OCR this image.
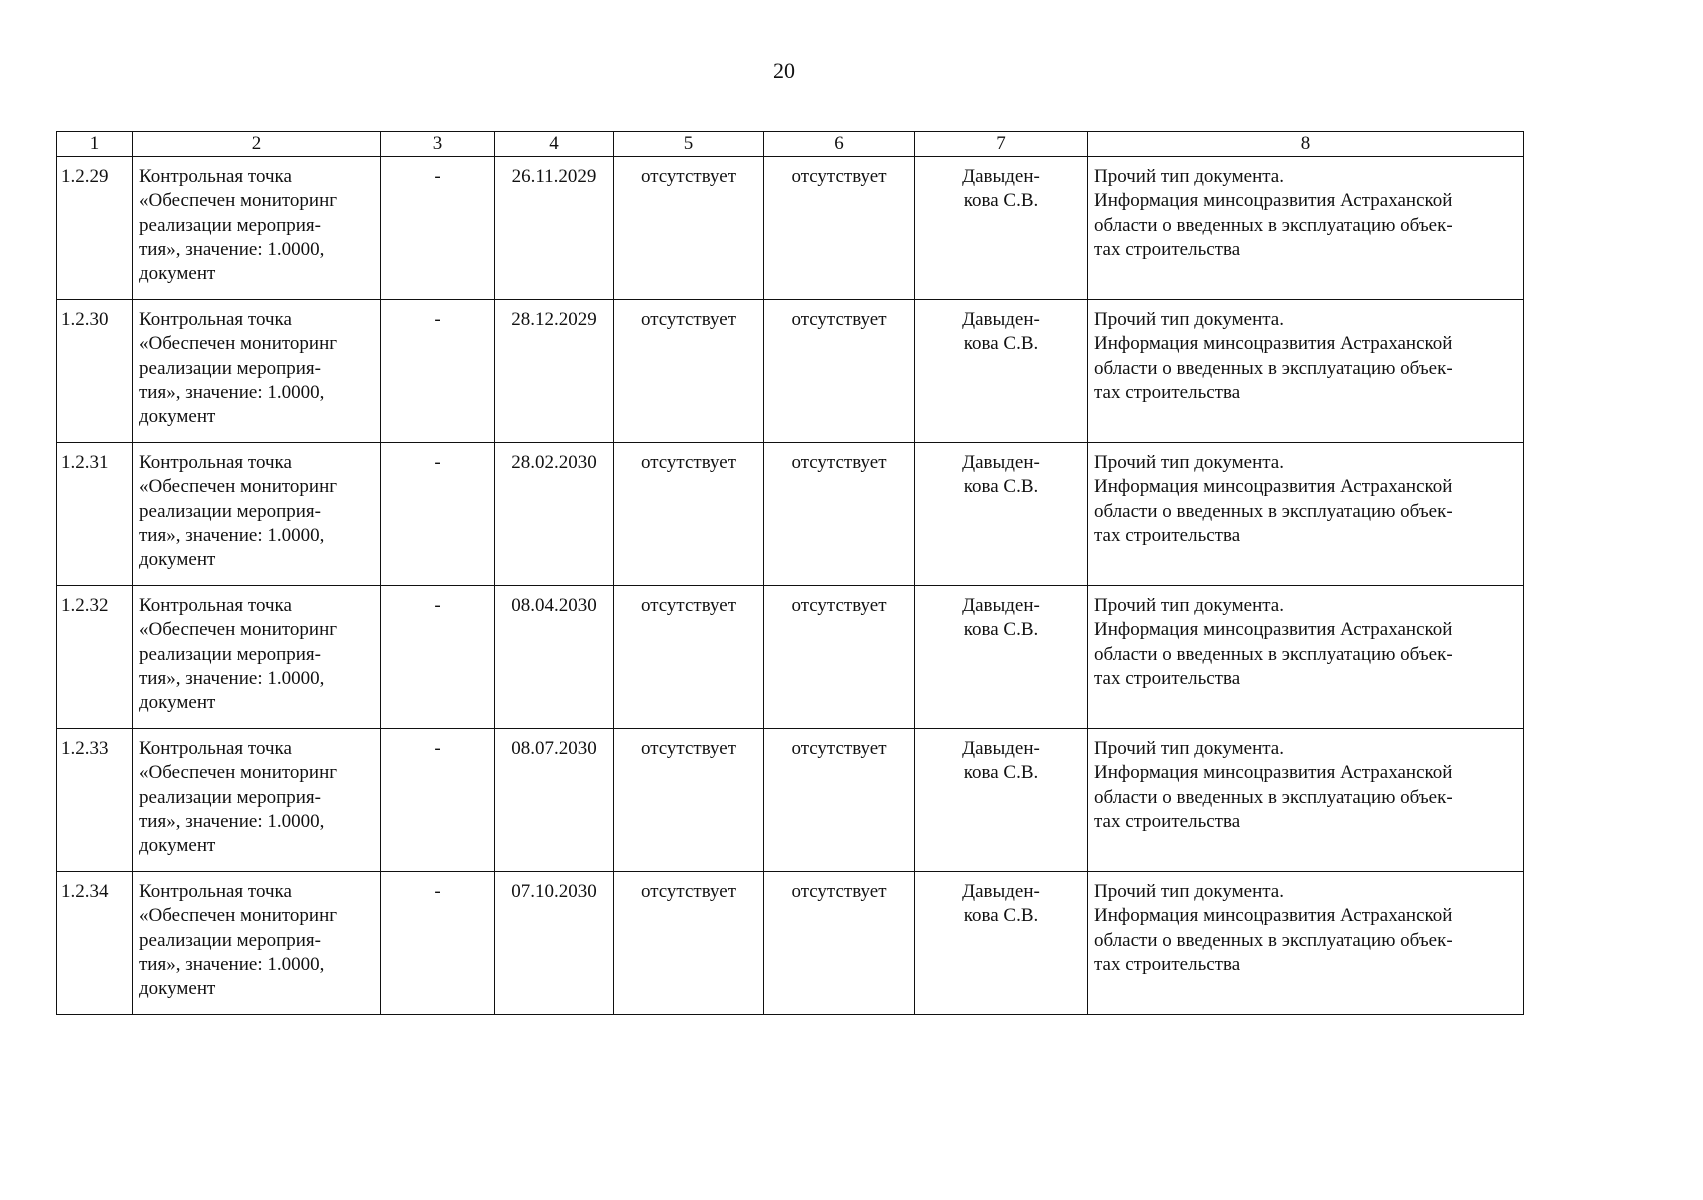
20
1	2	3	4	5	6	7	8
1.2.29	Контрольная точка
«Обеспечен мониторинг
реализации мероприя-
тия», значение: 1.0000,
документ	-	26.11.2029	отсутствует	отсутствует	Давыден-
кова С.В.	Прочий тип документа.
Информация минсоцразвития Астраханской
области о введенных в эксплуатацию объек-
тах строительства

1.2.30	Контрольная точка
«Обеспечен мониторинг
реализации мероприя-
тия», значение: 1.0000,
документ	-	28.12.2029	отсутствует	отсутствует	Давыден-
кова С.В.	Прочий тип документа.
Информация минсоцразвития Астраханской
области о введенных в эксплуатацию объек-
тах строительства

1.2.31	Контрольная точка
«Обеспечен мониторинг
реализации мероприя-
тия», значение: 1.0000,
документ	-	28.02.2030	отсутствует	отсутствует	Давыден-
кова С.В.	Прочий тип документа.
Информация минсоцразвития Астраханской
области о введенных в эксплуатацию объек-
тах строительства

1.2.32	Контрольная точка
«Обеспечен мониторинг
реализации мероприя-
тия», значение: 1.0000,
документ	-	08.04.2030	отсутствует	отсутствует	Давыден-
кова С.В.	Прочий тип документа.
Информация минсоцразвития Астраханской
области о введенных в эксплуатацию объек-
тах строительства

1.2.33	Контрольная точка
«Обеспечен мониторинг
реализации мероприя-
тия», значение: 1.0000,
документ	-	08.07.2030	отсутствует	отсутствует	Давыден-
кова С.В.	Прочий тип документа.
Информация минсоцразвития Астраханской
области о введенных в эксплуатацию объек-
тах строительства

1.2.34	Контрольная точка
«Обеспечен мониторинг
реализации мероприя-
тия», значение: 1.0000,
документ	-	07.10.2030	отсутствует	отсутствует	Давыден-
кова С.В.	Прочий тип документа.
Информация минсоцразвития Астраханской
области о введенных в эксплуатацию объек-
тах строительства
